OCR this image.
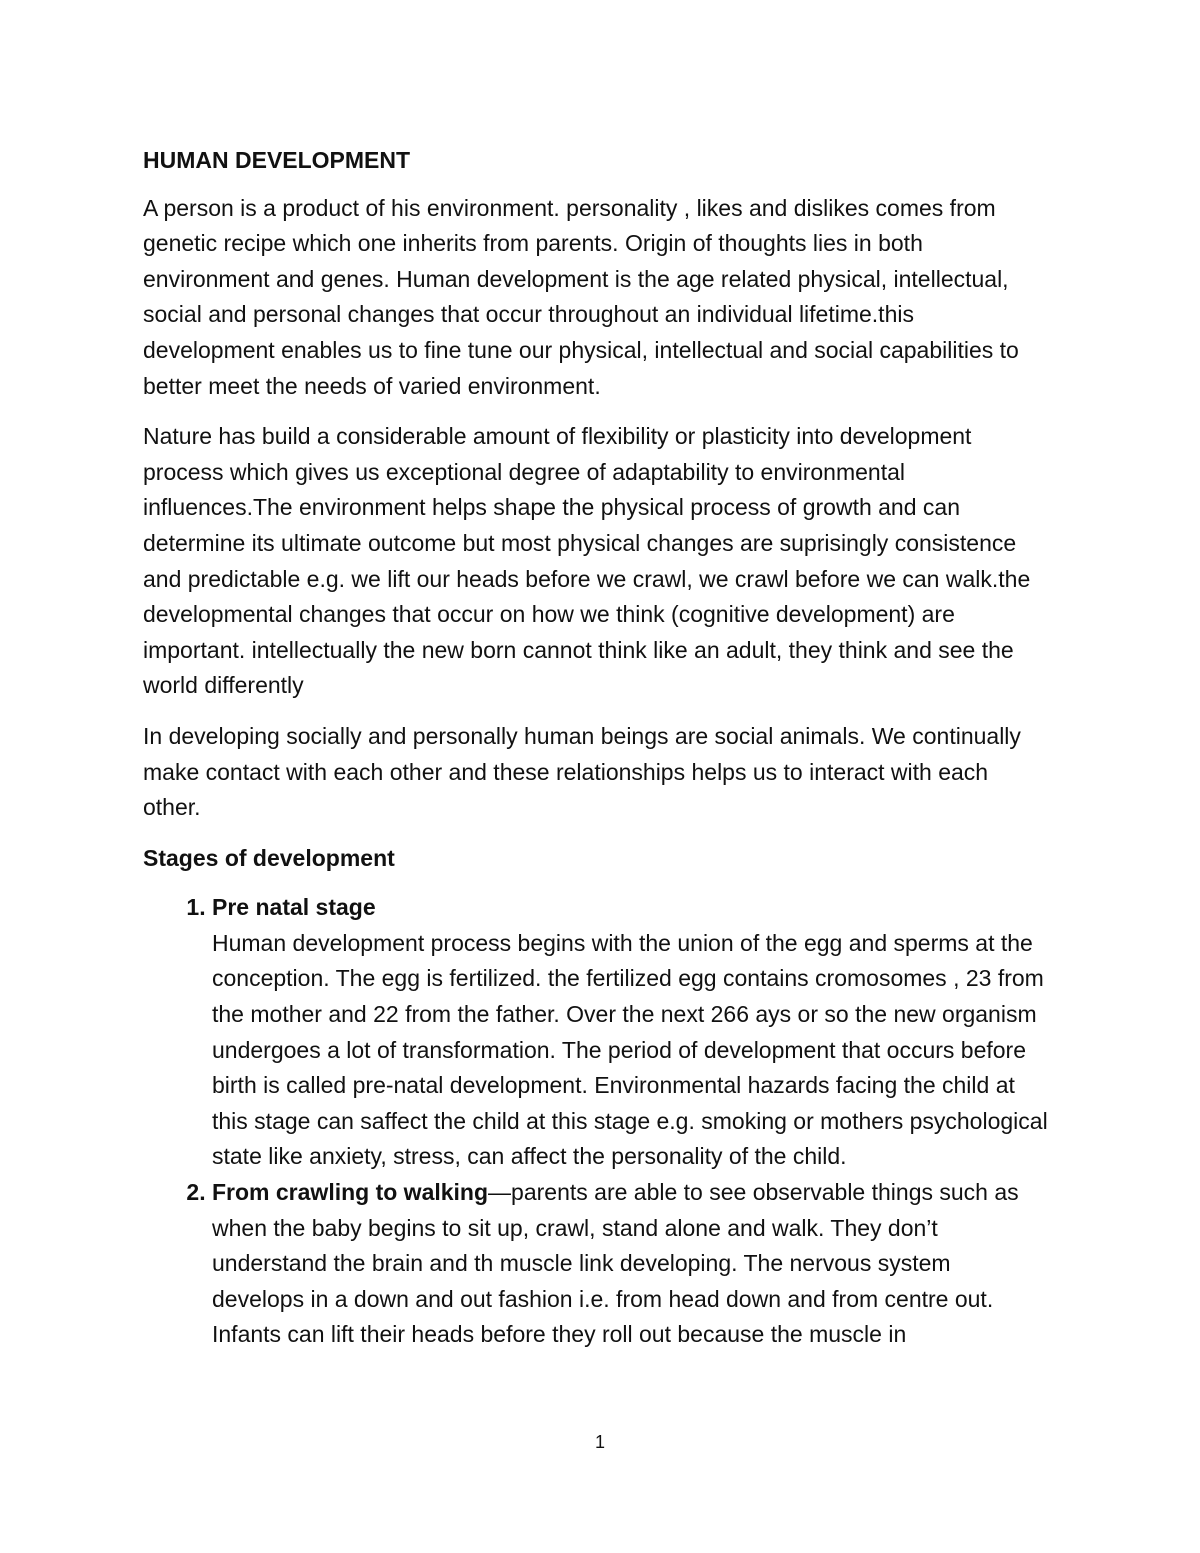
HUMAN DEVELOPMENT

A person is a product of his environment. personality , likes and dislikes comes from genetic recipe which one inherits from parents. Origin of thoughts lies in both environment and genes. Human development is the age related physical, intellectual, social and personal changes that occur throughout an individual lifetime.this development enables us to fine tune our physical, intellectual and social capabilities to better meet the needs of varied environment.

Nature has build a considerable amount of flexibility or plasticity into development process which gives us exceptional degree of adaptability to environmental influences.The environment helps shape the physical process of growth and can determine its ultimate outcome but most physical changes are suprisingly consistence and predictable e.g. we lift our heads before we crawl, we crawl before we can walk.the developmental changes that occur on how we think (cognitive development) are important. intellectually the new born cannot think like an adult, they think and see the world differently

In developing socially and personally human beings are social animals. We continually make contact with each other and these relationships helps us to interact with each other.

Stages of development
1. Pre natal stage
Human development process begins with the union of the egg and sperms at the conception. The egg is fertilized. the fertilized egg contains cromosomes , 23 from the mother and 22 from the father. Over the next 266 ays or so the new organism undergoes a lot of transformation. The period of development that occurs before birth is called pre-natal development. Environmental hazards facing the child at this stage can saffect the child at this stage e.g. smoking or mothers psychological state like anxiety, stress, can affect the personality of the child.
2. From crawling to walking—parents are able to see observable things such as when the baby begins to sit up, crawl, stand alone and walk. They don’t understand the brain and th muscle link developing. The nervous system develops in a down and out fashion i.e. from head down and from centre out. Infants can lift their heads before they roll out because the muscle in
1
